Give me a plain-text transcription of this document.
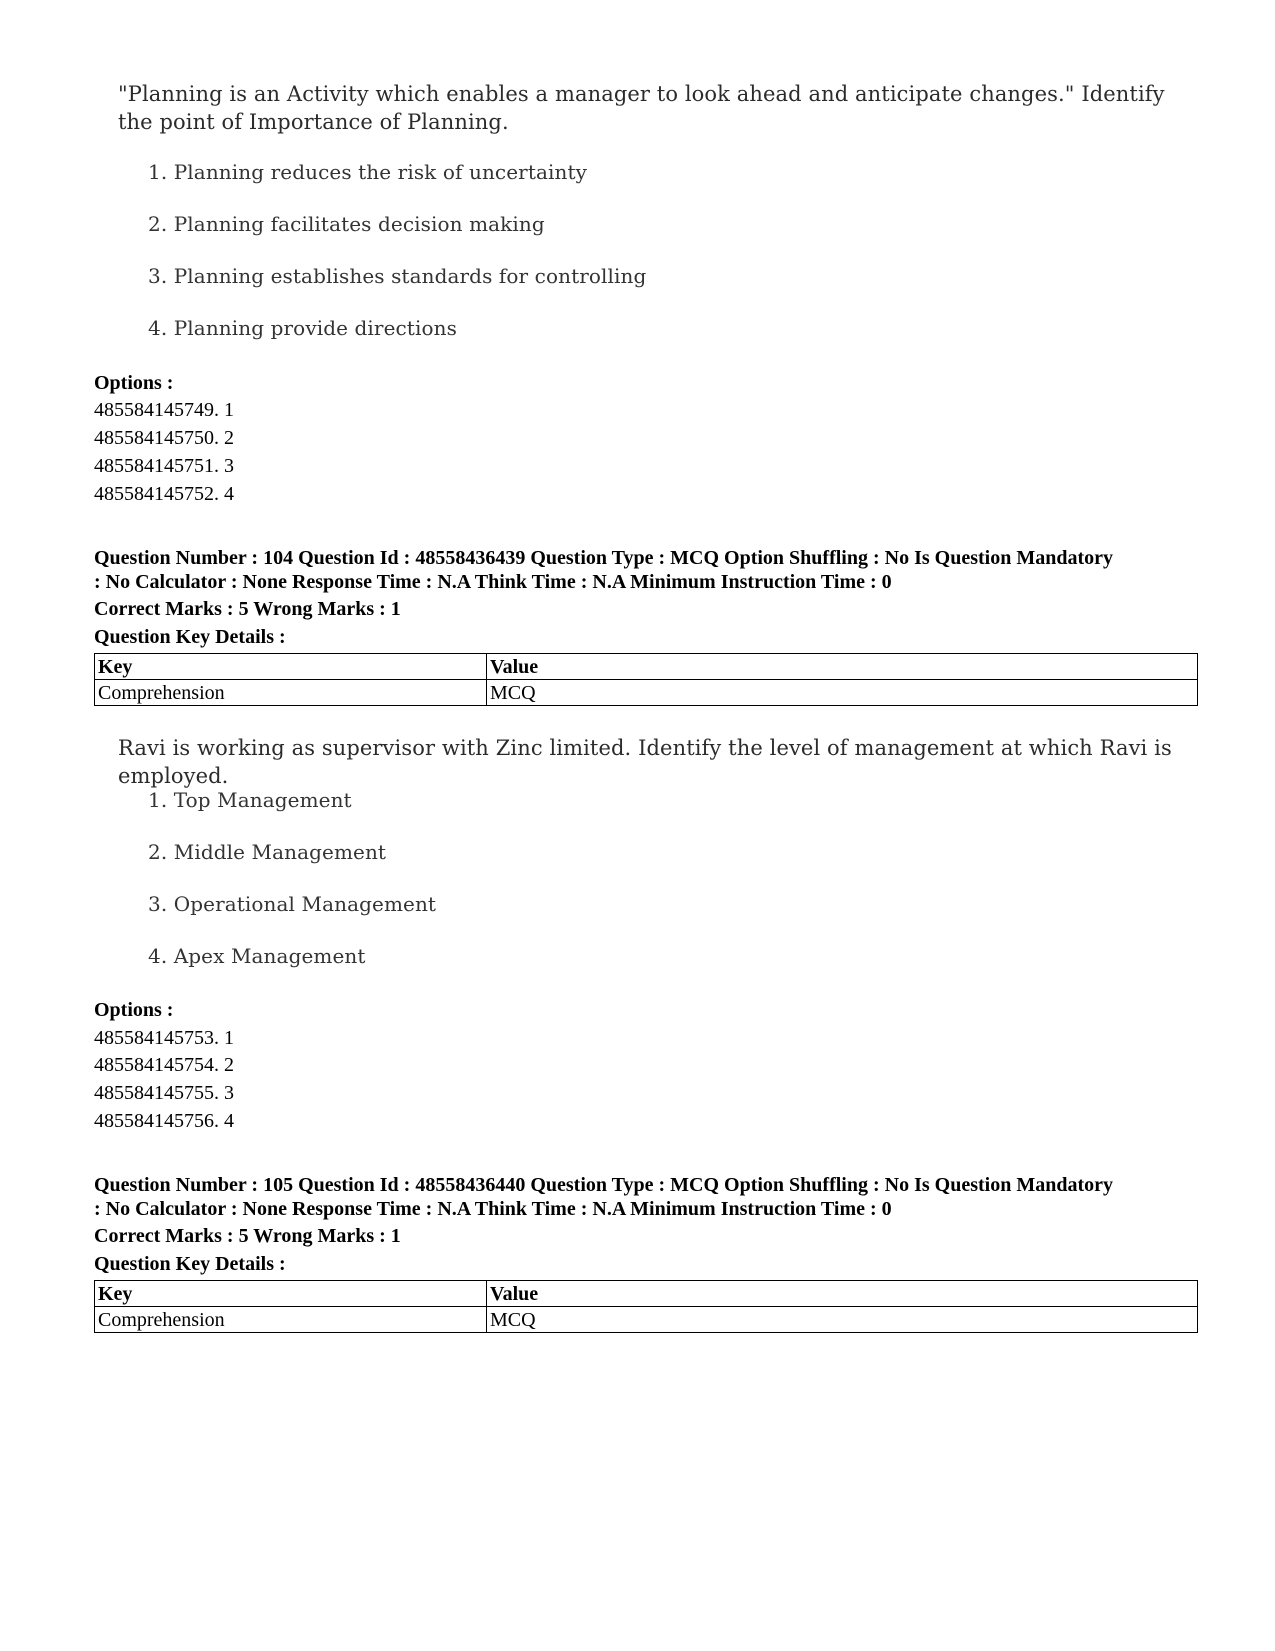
"Planning is an Activity which enables a manager to look ahead and anticipate changes." Identify the point of Importance of Planning.

1. Planning reduces the risk of uncertainty
2. Planning facilitates decision making
3. Planning establishes standards for controlling
4. Planning provide directions
Options :
485584145749. 1
485584145750. 2
485584145751. 3
485584145752. 4
Question Number : 104 Question Id : 48558436439 Question Type : MCQ Option Shuffling : No Is Question Mandatory
: No Calculator : None Response Time : N.A Think Time : N.A Minimum Instruction Time : 0
Correct Marks : 5 Wrong Marks : 1
Question Key Details :
Key	Value
Comprehension	MCQ

Ravi is working as supervisor with Zinc limited. Identify the level of management at which Ravi is employed.

1. Top Management
2. Middle Management
3. Operational Management
4. Apex Management
Options :
485584145753. 1
485584145754. 2
485584145755. 3
485584145756. 4
Question Number : 105 Question Id : 48558436440 Question Type : MCQ Option Shuffling : No Is Question Mandatory
: No Calculator : None Response Time : N.A Think Time : N.A Minimum Instruction Time : 0
Correct Marks : 5 Wrong Marks : 1
Question Key Details :
Key	Value
Comprehension	MCQ
